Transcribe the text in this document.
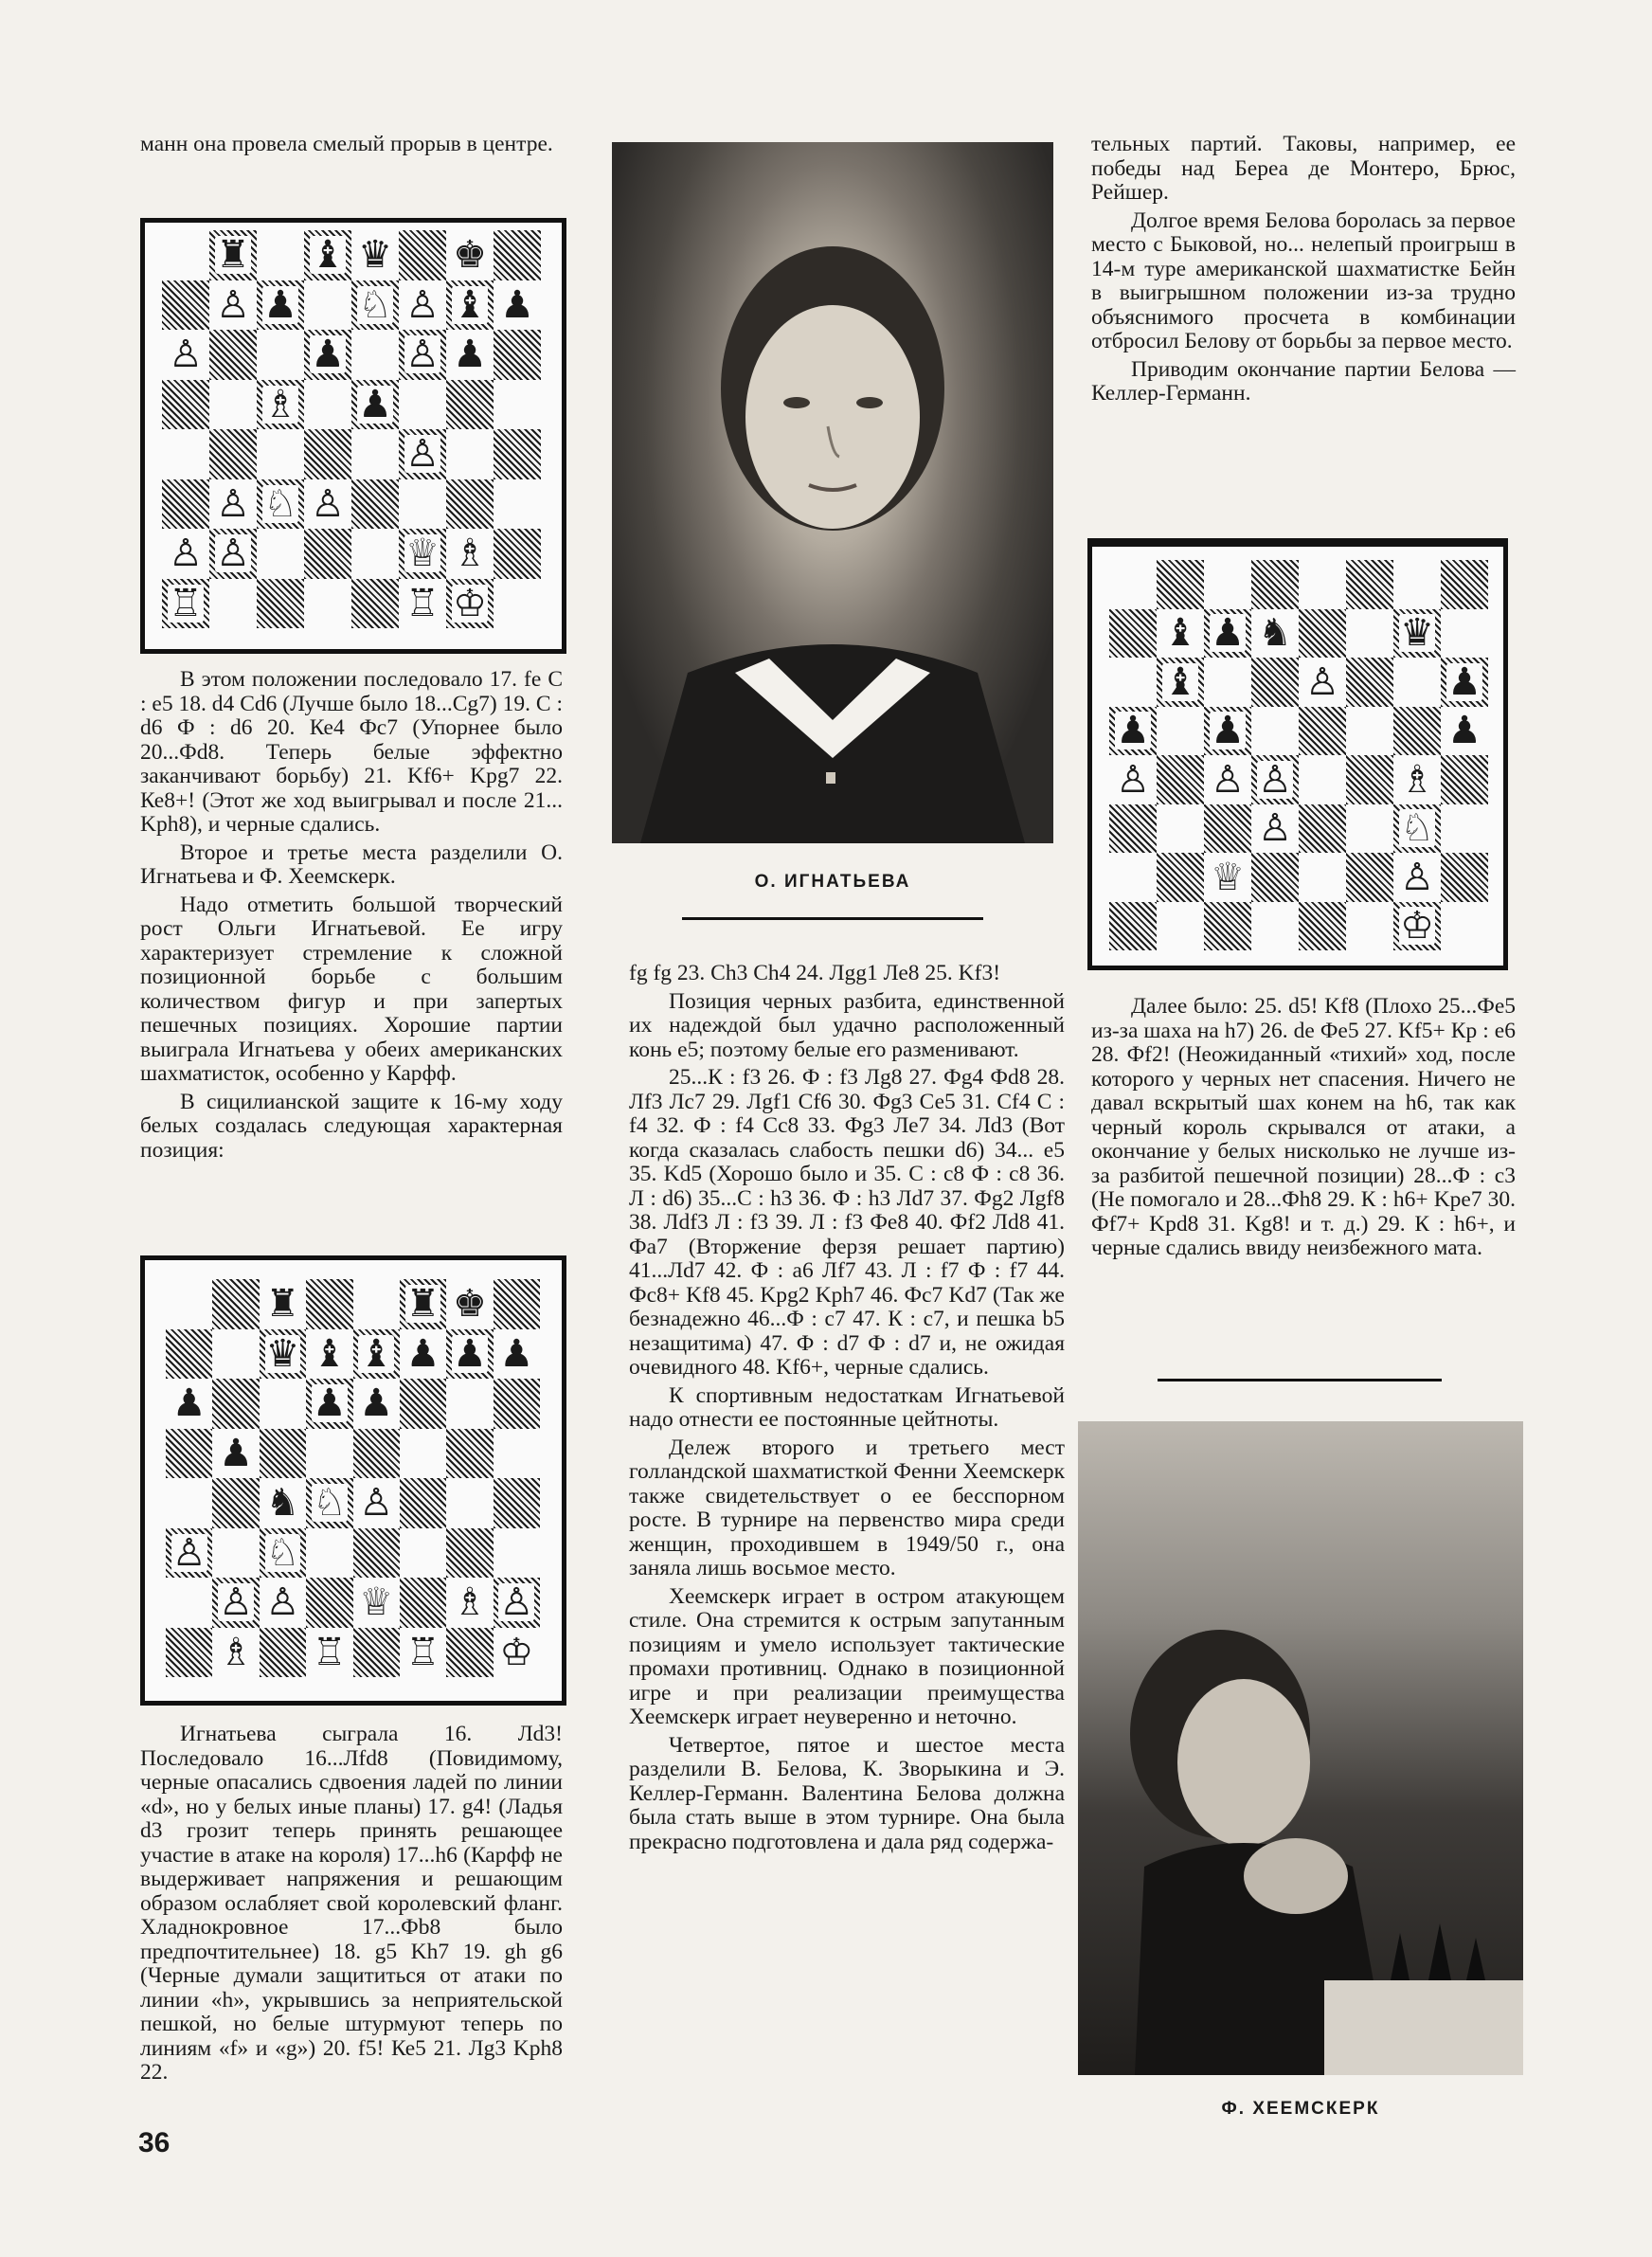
манн она провела смелый прорыв в центре.

В этом положении последовало 17. fe С : е5 18. d4 Cd6 (Лучше было 18...Cg7) 19. С : d6 Ф : d6 20. Ке4 Фс7 (Упорнее было 20...Фd8. Теперь белые эффектно заканчивают борьбу) 21. Kf6+ Kpg7 22. Ке8+! (Этот же ход выигрывал и после 21... Kph8), и черные сдались.

Второе и третье места разделили О. Игнатьева и Ф. Хеемскерк.

Надо отметить большой творческий рост Ольги Игнатьевой. Ее игру характеризует стремление к сложной позиционной борьбе с большим количеством фигур и при запертых пешечных позициях. Хорошие партии выиграла Игнатьева у обеих американских шахматисток, особенно у Карфф.

В сицилианской защите к 16-му ходу белых создалась следующая характерная позиция:

Игнатьева сыграла 16. Лd3! Последовало 16...Лfd8 (Повидимому, черные опасались сдвоения ладей по линии «d», но у белых иные планы) 17. g4! (Ладья d3 грозит теперь принять решающее участие в атаке на короля) 17...h6 (Карфф не выдерживает напряжения и решающим образом ослабляет свой королевский фланг. Хладнокровное 17...Фb8 было предпочтительнее) 18. g5 Kh7 19. gh g6 (Черные думали защититься от атаки по линии «h», укрывшись за неприятельской пешкой, но белые штурмуют теперь по линиям «f» и «g») 20. f5! Ке5 21. Лg3 Kph8 22.

♜ ♝ ♛ ♚
♙ ♟ ♘ ♙ ♝ ♟
♙	♟ ♙ ♟
♗ ♟
♙
♙ ♘ ♙
♙ ♙	♕ ♗
♖	♖ ♔
♜	♜ ♚
♛ ♝ ♝ ♟ ♟ ♟
♟	♟ ♟
♟
♞ ♘ ♙
♙ ♘
♙ ♙ ♕ ♗ ♙
♗ ♖ ♖ ♔
О. ИГНАТЬЕВА

fg fg 23. Ch3 Ch4 24. Лgg1 Ле8 25. Kf3!

Позиция черных разбита, единственной их надеждой был удачно расположенный конь е5; поэтому белые его разменивают.

25...К : f3 26. Ф : f3 Лg8 27. Фg4 Фd8 28. Лf3 Лс7 29. Лgf1 Cf6 30. Фg3 Се5 31. Cf4 С : f4 32. Ф : f4 Cc8 33. Фg3 Ле7 34. Лd3 (Вот когда сказалась слабость пешки d6) 34... е5 35. Kd5 (Хорошо было и 35. С : с8 Ф : с8 36. Л : d6) 35...С : h3 36. Ф : h3 Лd7 37. Фg2 Лgf8 38. Лdf3 Л : f3 39. Л : f3 Фе8 40. Фf2 Лd8 41. Фа7 (Вторжение ферзя решает партию) 41...Лd7 42. Ф : а6 Лf7 43. Л : f7 Ф : f7 44. Фс8+ Kf8 45. Kpg2 Kph7 46. Фс7 Kd7 (Так же безнадежно 46...Ф : с7 47. К : с7, и пешка b5 незащитима) 47. Ф : d7 Ф : d7 и, не ожидая очевидного 48. Kf6+, черные сдались.

К спортивным недостаткам Игнатьевой надо отнести ее постоянные цейтноты.

Дележ второго и третьего мест голландской шахматисткой Фенни Хеемскерк также свидетельствует о ее бесспорном росте. В турнире на первенство мира среди женщин, проходившем в 1949/50 г., она заняла лишь восьмое место.

Хеемскерк играет в остром атакующем стиле. Она стремится к острым запутанным позициям и умело использует тактические промахи противниц. Однако в позиционной игре и при реализации преимущества Хеемскерк играет неуверенно и неточно.

Четвертое, пятое и шестое места разделили В. Белова, К. Зворыкина и Э. Келлер-Германн. Валентина Белова должна была стать выше в этом турнире. Она была прекрасно подготовлена и дала ряд содержа-

тельных партий. Таковы, например, ее победы над Береа де Монтеро, Брюс, Рейшер.

Долгое время Белова боролась за первое место с Быковой, но... нелепый проигрыш в 14-м туре американской шахматистке Бейн в выигрышном положении из-за трудно объяснимого просчета в комбинации отбросил Белову от борьбы за первое место.

Приводим окончание партии Белова — Келлер-Германн.

♝ ♟ ♞	♛
♝	♙	♟
♟ ♟	♟
♙ ♙ ♙	♗
♙	♘
♕	♙
♔

Далее было: 25. d5! Kf8 (Плохо 25...Фе5 из-за шаха на h7) 26. de Фе5 27. Kf5+ Кр : е6 28. Фf2! (Неожиданный «тихий» ход, после которого у черных нет спасения. Ничего не давал вскрытый шах конем на h6, так как черный король скрывался от атаки, а окончание у белых нисколько не лучше из-за разбитой пешечной позиции) 28...Ф : с3 (Не помогало и 28...Фh8 29. К : h6+ Kpe7 30. Фf7+ Kpd8 31. Kg8! и т. д.) 29. К : h6+, и черные сдались ввиду неизбежного мата.

Ф. ХЕЕМСКЕРК
36
